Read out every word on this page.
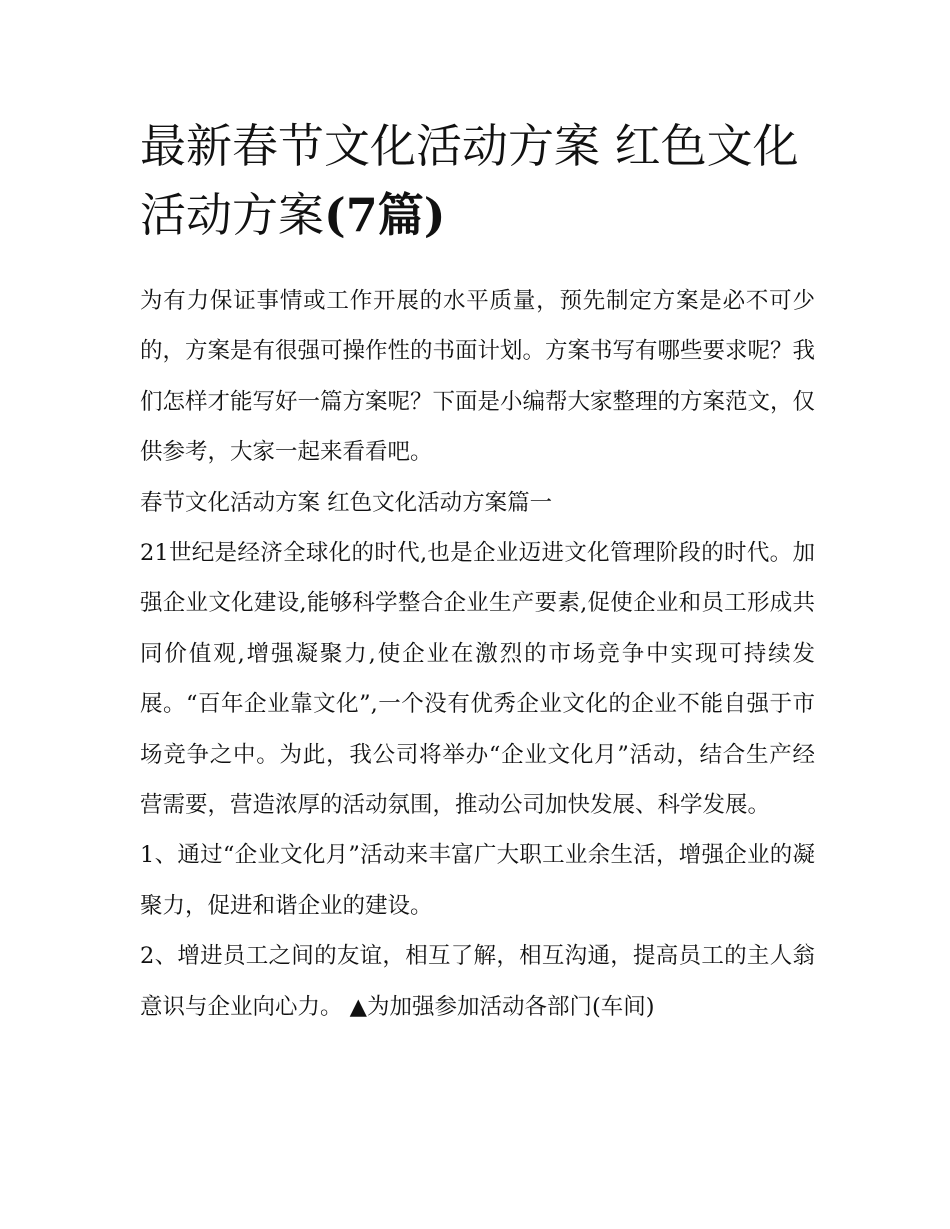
最新春节文化活动方案 红色文化活动方案(7篇)

为有力保证事情或工作开展的水平质量，预先制定方案是必不可少的，方案是有很强可操作性的书面计划。方案书写有哪些要求呢？我们怎样才能写好一篇方案呢？下面是小编帮大家整理的方案范文，仅供参考，大家一起来看看吧。

春节文化活动方案 红色文化活动方案篇一

21世纪是经济全球化的时代,也是企业迈进文化管理阶段的时代。加强企业文化建设,能够科学整合企业生产要素,促使企业和员工形成共同价值观,增强凝聚力,使企业在激烈的市场竞争中实现可持续发展。“百年企业靠文化”,一个没有优秀企业文化的企业不能自强于市场竞争之中。为此，我公司将举办“企业文化月”活动，结合生产经营需要，营造浓厚的活动氛围，推动公司加快发展、科学发展。

1、通过“企业文化月”活动来丰富广大职工业余生活，增强企业的凝聚力，促进和谐企业的建设。

2、增进员工之间的友谊，相互了解，相互沟通，提高员工的主人翁意识与企业向心力。 ▲为加强参加活动各部门(车间)
